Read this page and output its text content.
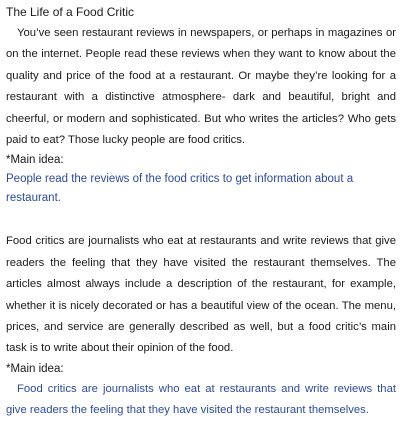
The Life of a Food Critic

You’ve seen restaurant reviews in newspapers, or perhaps in magazines or on the internet. People read these reviews when they want to know about the quality and price of the food at a restaurant. Or maybe they’re looking for a restaurant with a distinctive atmosphere- dark and beautiful, bright and cheerful, or modern and sophisticated. But who writes the articles? Who gets paid to eat? Those lucky people are food critics.

*Main idea:

People read the reviews of the food critics to get information about a restaurant.

Food critics are journalists who eat at restaurants and write reviews that give readers the feeling that they have visited the restaurant themselves. The articles almost always include a description of the restaurant, for example, whether it is nicely decorated or has a beautiful view of the ocean. The menu, prices, and service are generally described as well, but a food critic’s main task is to write about their opinion of the food.

*Main idea:

Food critics are journalists who eat at restaurants and write reviews that give readers the feeling that they have visited the restaurant themselves.
